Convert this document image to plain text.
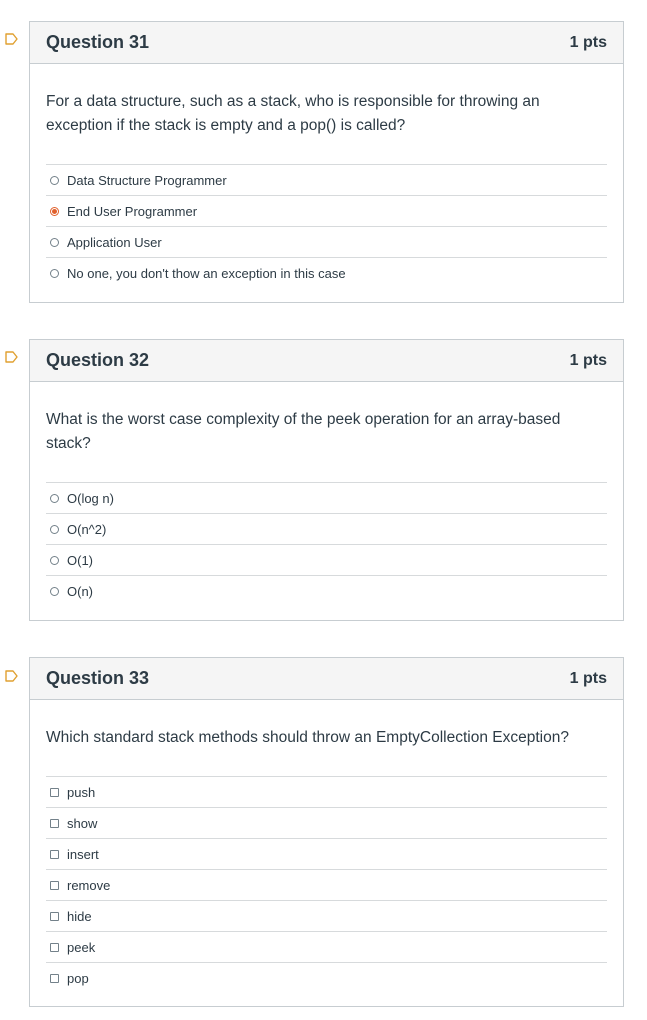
Question 31	1 pts

For a data structure, such as a stack, who is responsible for throwing an exception if the stack is empty and a pop() is called?

Data Structure Programmer
End User Programmer
Application User
No one, you don't thow an exception in this case
Question 32	1 pts

What is the worst case complexity of the peek operation for an array-based stack?

O(log n)
O(n^2)
O(1)
O(n)
Question 33	1 pts

Which standard stack methods should throw an EmptyCollection Exception?

push
show
insert
remove
hide
peek
pop
